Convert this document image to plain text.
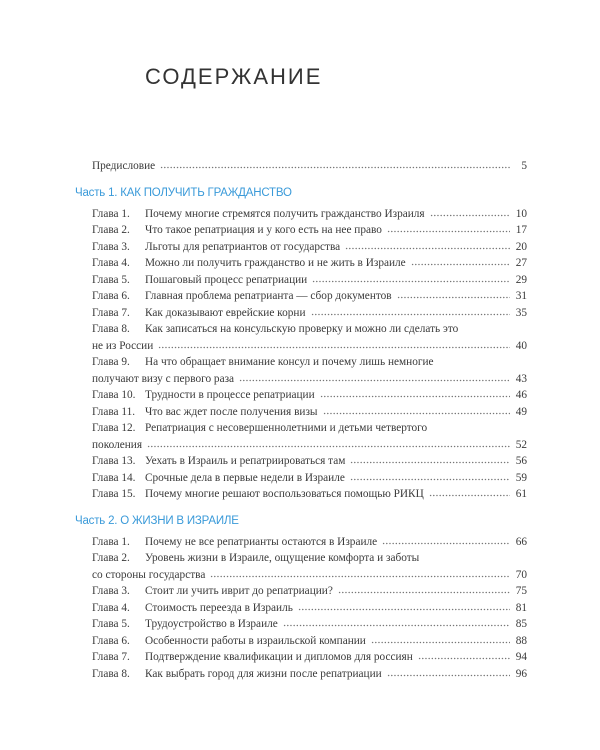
СОДЕРЖАНИЕ
Предисловие	5
Часть 1. КАК ПОЛУЧИТЬ ГРАЖДАНСТВО
Глава 1.	Почему многие стремятся получить гражданство Израиля	10
Глава 2.	Что такое репатриация и у кого есть на нее право	17
Глава 3.	Льготы для репатриантов от государства	20
Глава 4.	Можно ли получить гражданство и не жить в Израиле	27
Глава 5.	Пошаговый процесс репатриации	29
Глава 6.	Главная проблема репатрианта — сбор документов	31
Глава 7.	Как доказывают еврейские корни	35
Глава 8.	Как записаться на консульскую проверку и можно ли сделать это
не из России	40
Глава 9.	На что обращает внимание консул и почему лишь немногие
получают визу с первого раза	43
Глава 10. Трудности в процессе репатриации	46
Глава 11. Что вас ждет после получения визы	49
Глава 12. Репатриация с несовершеннолетними и детьми четвертого
поколения	52
Глава 13. Уехать в Израиль и репатриироваться там	56
Глава 14. Срочные дела в первые недели в Израиле	59
Глава 15. Почему многие решают воспользоваться помощью РИКЦ	61
Часть 2. О ЖИЗНИ В ИЗРАИЛЕ
Глава 1.	Почему не все репатрианты остаются в Израиле	66
Глава 2.	Уровень жизни в Израиле, ощущение комфорта и заботы
со стороны государства	70
Глава 3.	Стоит ли учить иврит до репатриации?	75
Глава 4.	Стоимость переезда в Израиль	81
Глава 5.	Трудоустройство в Израиле	85
Глава 6.	Особенности работы в израильской компании	88
Глава 7.	Подтверждение квалификации и дипломов для россиян	94
Глава 8.	Как выбрать город для жизни после репатриации	96
